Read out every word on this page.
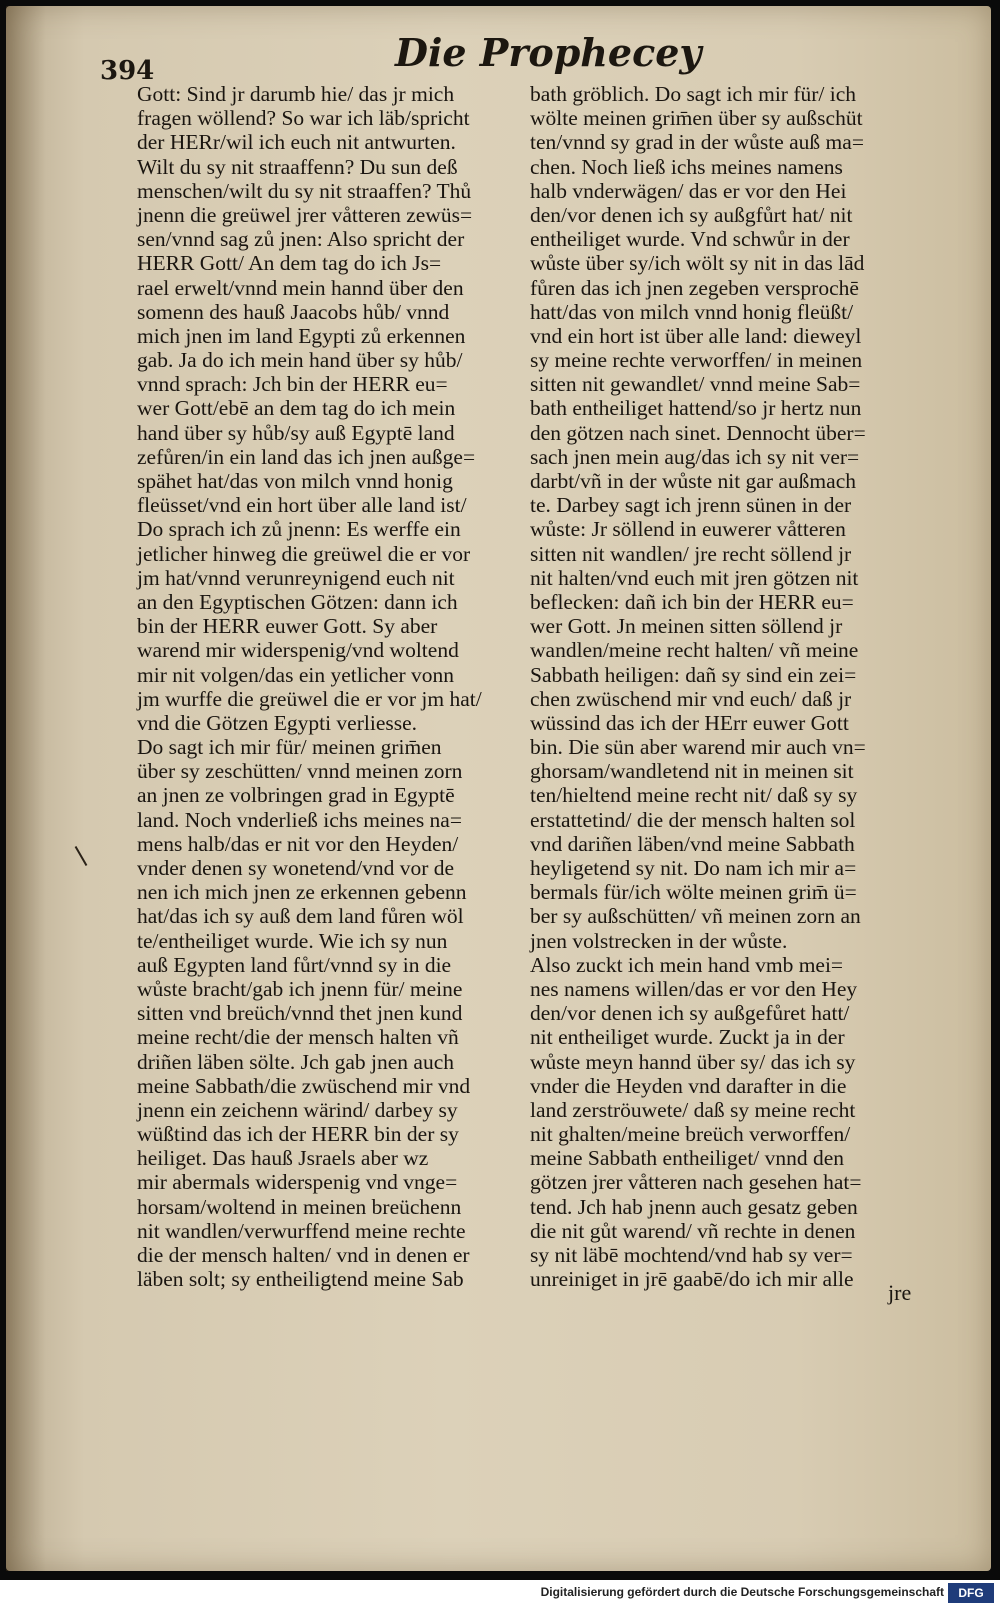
394	Die Prophecey
Gott: Sind jr darumb hie/ das jr mich
fragen wöllend? So war ich läb/spricht
der HERr/wil ich euch nit antwurten.
Wilt du sy nit straaffenn? Du sun deß
menschen/wilt du sy nit straaffen? Thů
jnenn die greüwel jrer våtteren zewüs=
sen/vnnd sag zů jnen: Also spricht der
HERR Gott/ An dem tag do ich Js=
rael erwelt/vnnd mein hannd über den
somenn des hauß Jaacobs hůb/ vnnd
mich jnen im land Egypti zů erkennen
gab. Ja do ich mein hand über sy hůb/
vnnd sprach: Jch bin der HERR eu=
wer Gott/ebē an dem tag do ich mein
hand über sy hůb/sy auß Egyptē land
zefůren/in ein land das ich jnen außge=
spähet hat/das von milch vnnd honig
fleüsset/vnd ein hort über alle land ist/
Do sprach ich zů jnenn: Es werffe ein
jetlicher hinweg die greüwel die er vor
jm hat/vnnd verunreynigend euch nit
an den Egyptischen Götzen: dann ich
bin der HERR euwer Gott. Sy aber
warend mir widerspenig/vnd woltend
mir nit volgen/das ein yetlicher vonn
jm wurffe die greüwel die er vor jm hat/
vnd die Götzen Egypti verliesse.
Do sagt ich mir für/ meinen grim̄en
über sy zeschütten/ vnnd meinen zorn
an jnen ze volbringen grad in Egyptē
land. Noch vnderließ ichs meines na=
mens halb/das er nit vor den Heyden/
vnder denen sy wonetend/vnd vor de
nen ich mich jnen ze erkennen gebenn
hat/das ich sy auß dem land fůren wöl
te/entheiliget wurde. Wie ich sy nun
auß Egypten land fůrt/vnnd sy in die
wůste bracht/gab ich jnenn für/ meine
sitten vnd breüch/vnnd thet jnen kund
meine recht/die der mensch halten vñ
driñen läben sölte. Jch gab jnen auch
meine Sabbath/die zwüschend mir vnd
jnenn ein zeichenn wärind/ darbey sy
wüßtind das ich der HERR bin der sy
heiliget. Das hauß Jsraels aber wz
mir abermals widerspenig vnd vnge=
horsam/woltend in meinen breüchenn
nit wandlen/verwurffend meine rechte
die der mensch halten/ vnd in denen er
läben solt; sy entheiligtend meine Sab
bath gröblich. Do sagt ich mir für/ ich
wölte meinen grim̄en über sy außschüt
ten/vnnd sy grad in der wůste auß ma=
chen. Noch ließ ichs meines namens
halb vnderwägen/ das er vor den Hei
den/vor denen ich sy außgfůrt hat/ nit
entheiliget wurde. Vnd schwůr in der
wůste über sy/ich wölt sy nit in das lād
fůren das ich jnen zegeben versprochē
hatt/das von milch vnnd honig fleüßt/
vnd ein hort ist über alle land: dieweyl
sy meine rechte verworffen/ in meinen
sitten nit gewandlet/ vnnd meine Sab=
bath entheiliget hattend/so jr hertz nun
den götzen nach sinet. Dennocht über=
sach jnen mein aug/das ich sy nit ver=
darbt/vñ in der wůste nit gar außmach
te. Darbey sagt ich jrenn sünen in der
wůste: Jr söllend in euwerer våtteren
sitten nit wandlen/ jre recht söllend jr
nit halten/vnd euch mit jren götzen nit
beflecken: dañ ich bin der HERR eu=
wer Gott. Jn meinen sitten söllend jr
wandlen/meine recht halten/ vñ meine
Sabbath heiligen: dañ sy sind ein zei=
chen zwüschend mir vnd euch/ daß jr
wüssind das ich der HErr euwer Gott
bin. Die sün aber warend mir auch vn=
ghorsam/wandletend nit in meinen sit
ten/hieltend meine recht nit/ daß sy sy
erstattetind/ die der mensch halten sol
vnd dariñen läben/vnd meine Sabbath
heyligetend sy nit. Do nam ich mir a=
bermals für/ich wölte meinen grim̄ ü=
ber sy außschütten/ vñ meinen zorn an
jnen volstrecken in der wůste.
Also zuckt ich mein hand vmb mei=
nes namens willen/das er vor den Hey
den/vor denen ich sy außgefůret hatt/
nit entheiliget wurde. Zuckt ja in der
wůste meyn hannd über sy/ das ich sy
vnder die Heyden vnd darafter in die
land zerströuwete/ daß sy meine recht
nit ghalten/meine breüch verworffen/
meine Sabbath entheiliget/ vnnd den
götzen jrer våtteren nach gesehen hat=
tend. Jch hab jnenn auch gesatz geben
die nit gůt warend/ vñ rechte in denen
sy nit läbē mochtend/vnd hab sy ver=
unreiniget in jrē gaabē/do ich mir alle
jre
Digitalisierung gefördert durch die Deutsche Forschungsgemeinschaft	DFG
